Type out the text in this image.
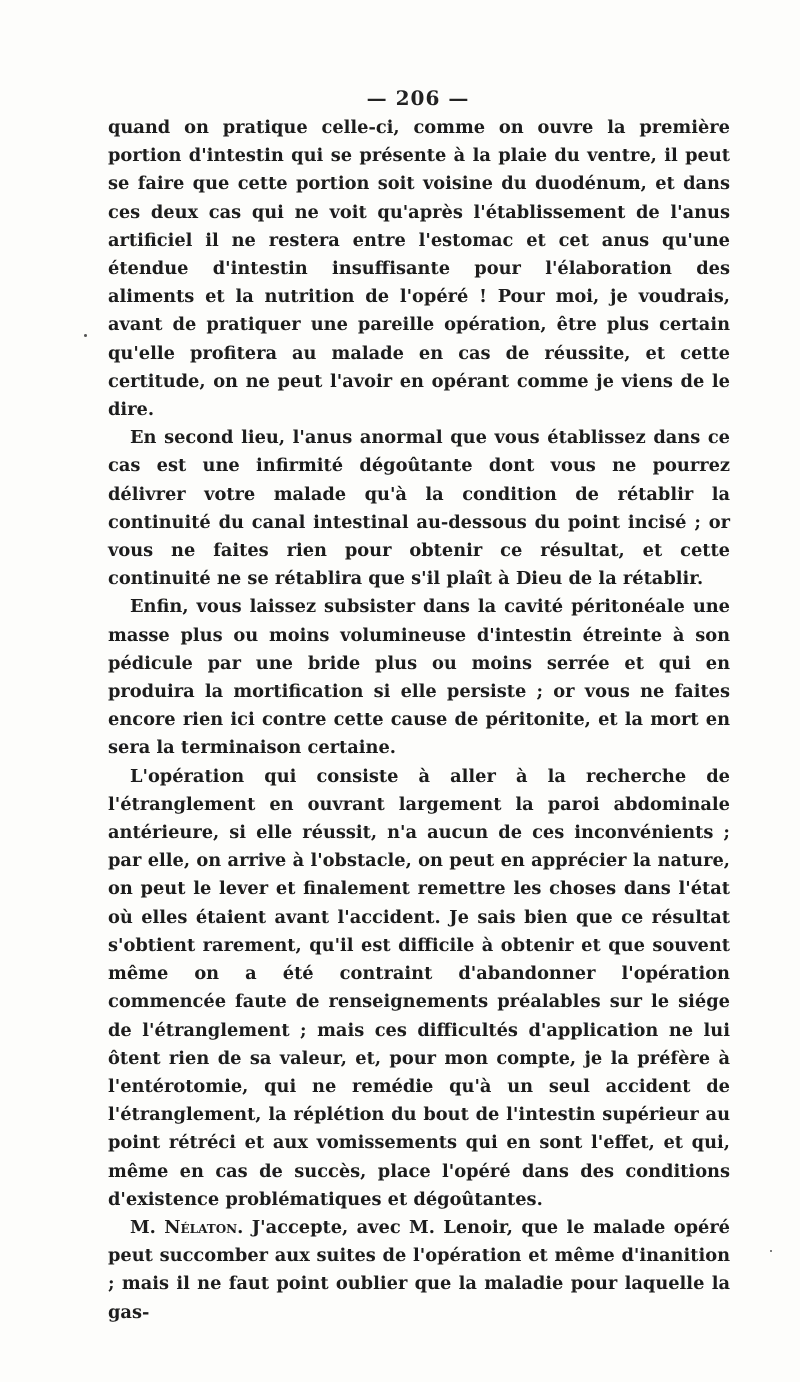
— 206 —

quand on pratique celle-ci, comme on ouvre la première portion d'intestin qui se présente à la plaie du ventre, il peut se faire que cette portion soit voisine du duodénum, et dans ces deux cas qui ne voit qu'après l'établissement de l'anus artificiel il ne restera entre l'estomac et cet anus qu'une étendue d'intestin insuffisante pour l'élaboration des aliments et la nutrition de l'opéré ! Pour moi, je voudrais, avant de pratiquer une pareille opération, être plus certain qu'elle profitera au malade en cas de réussite, et cette certitude, on ne peut l'avoir en opérant comme je viens de le dire.

En second lieu, l'anus anormal que vous établissez dans ce cas est une infirmité dégoûtante dont vous ne pourrez délivrer votre malade qu'à la condition de rétablir la continuité du canal intestinal au-dessous du point incisé ; or vous ne faites rien pour obtenir ce résultat, et cette continuité ne se rétablira que s'il plaît à Dieu de la rétablir.

Enfin, vous laissez subsister dans la cavité péritonéale une masse plus ou moins volumineuse d'intestin étreinte à son pédicule par une bride plus ou moins serrée et qui en produira la mortification si elle persiste ; or vous ne faites encore rien ici contre cette cause de péritonite, et la mort en sera la terminaison certaine.

L'opération qui consiste à aller à la recherche de l'étranglement en ouvrant largement la paroi abdominale antérieure, si elle réussit, n'a aucun de ces inconvénients ; par elle, on arrive à l'obstacle, on peut en apprécier la nature, on peut le lever et finalement remettre les choses dans l'état où elles étaient avant l'accident. Je sais bien que ce résultat s'obtient rarement, qu'il est difficile à obtenir et que souvent même on a été contraint d'abandonner l'opération commencée faute de renseignements préalables sur le siége de l'étranglement ; mais ces difficultés d'application ne lui ôtent rien de sa valeur, et, pour mon compte, je la préfère à l'entérotomie, qui ne remédie qu'à un seul accident de l'étranglement, la réplétion du bout de l'intestin supérieur au point rétréci et aux vomissements qui en sont l'effet, et qui, même en cas de succès, place l'opéré dans des conditions d'existence problématiques et dégoûtantes.

M. Nélaton. J'accepte, avec M. Lenoir, que le malade opéré peut succomber aux suites de l'opération et même d'inanition ; mais il ne faut point oublier que la maladie pour laquelle la gas-
